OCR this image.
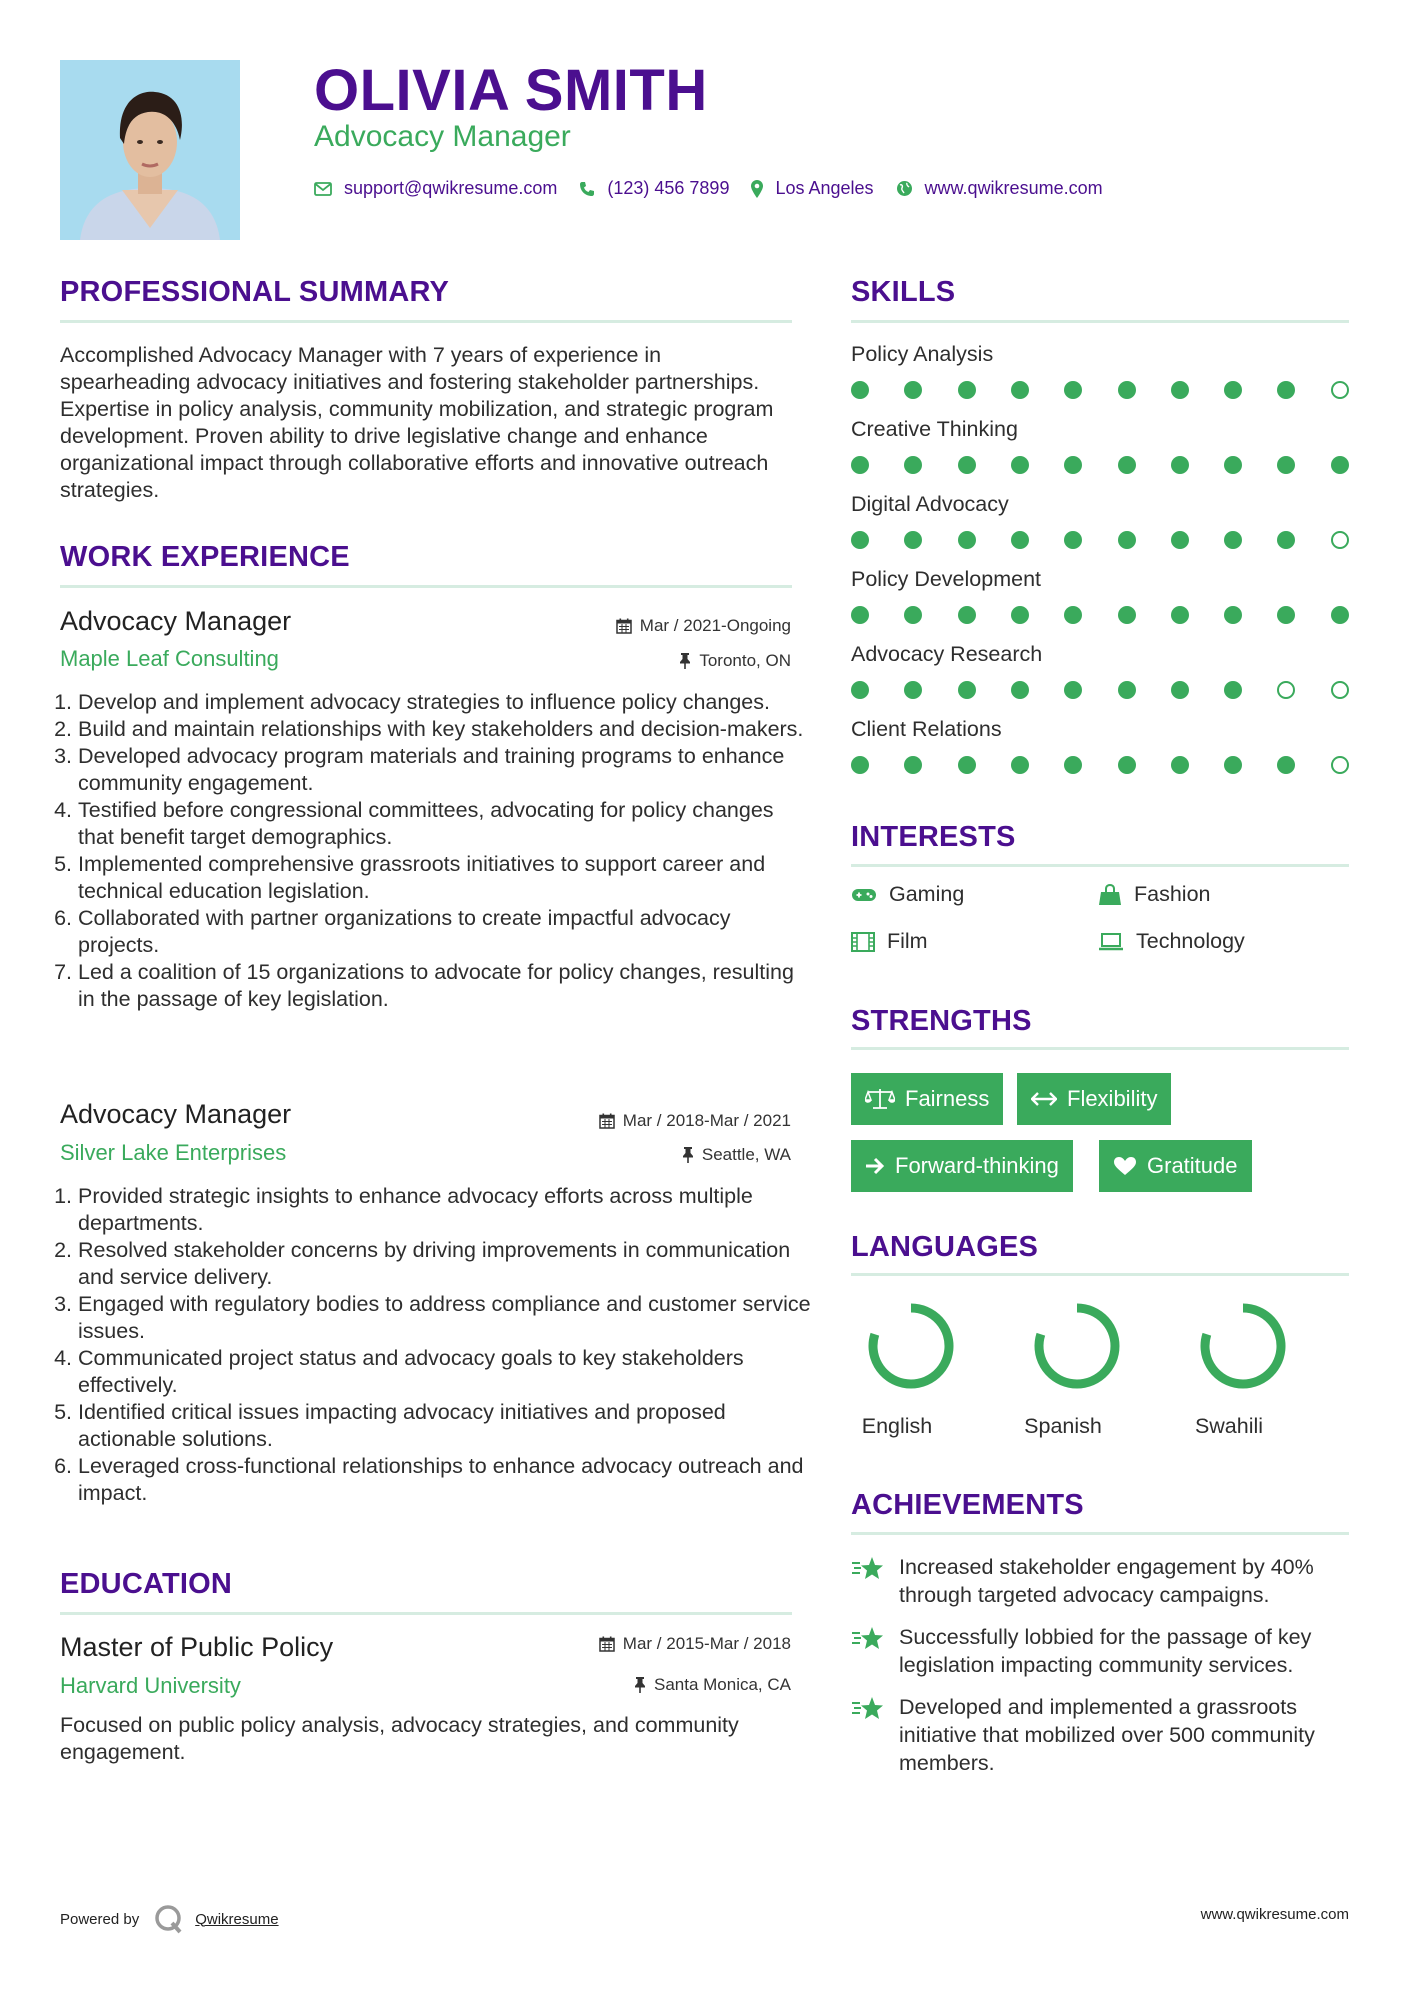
OLIVIA SMITH
Advocacy Manager
support@qwikresume.com	(123) 456 7899	Los Angeles	www.qwikresume.com
PROFESSIONAL SUMMARY
Accomplished Advocacy Manager with 7 years of experience in spearheading advocacy initiatives and fostering stakeholder partnerships. Expertise in policy analysis, community mobilization, and strategic program development. Proven ability to drive legislative change and enhance organizational impact through collaborative efforts and innovative outreach strategies.
WORK EXPERIENCE
Advocacy Manager	Mar / 2021-Ongoing
Maple Leaf Consulting	Toronto, ON
1. Develop and implement advocacy strategies to influence policy changes.
2. Build and maintain relationships with key stakeholders and decision-makers.
3. Developed advocacy program materials and training programs to enhance community engagement.
4. Testified before congressional committees, advocating for policy changes that benefit target demographics.
5. Implemented comprehensive grassroots initiatives to support career and technical education legislation.
6. Collaborated with partner organizations to create impactful advocacy projects.
7. Led a coalition of 15 organizations to advocate for policy changes, resulting in the passage of key legislation.
Advocacy Manager	Mar / 2018-Mar / 2021
Silver Lake Enterprises	Seattle, WA
1. Provided strategic insights to enhance advocacy efforts across multiple departments.
2. Resolved stakeholder concerns by driving improvements in communication and service delivery.
3. Engaged with regulatory bodies to address compliance and customer service issues.
4. Communicated project status and advocacy goals to key stakeholders effectively.
5. Identified critical issues impacting advocacy initiatives and proposed actionable solutions.
6. Leveraged cross-functional relationships to enhance advocacy outreach and impact.
EDUCATION
Master of Public Policy	Mar / 2015-Mar / 2018
Harvard University	Santa Monica, CA
Focused on public policy analysis, advocacy strategies, and community engagement.
SKILLS
Policy Analysis
Creative Thinking
Digital Advocacy
Policy Development
Advocacy Research
Client Relations
INTERESTS
Gaming	Fashion
Film	Technology
STRENGTHS
Fairness	Flexibility
Forward-thinking	Gratitude
LANGUAGES
English	Spanish	Swahili
ACHIEVEMENTS
Increased stakeholder engagement by 40% through targeted advocacy campaigns.
Successfully lobbied for the passage of key legislation impacting community services.
Developed and implemented a grassroots initiative that mobilized over 500 community members.
Powered by	Qwikresume	www.qwikresume.com
